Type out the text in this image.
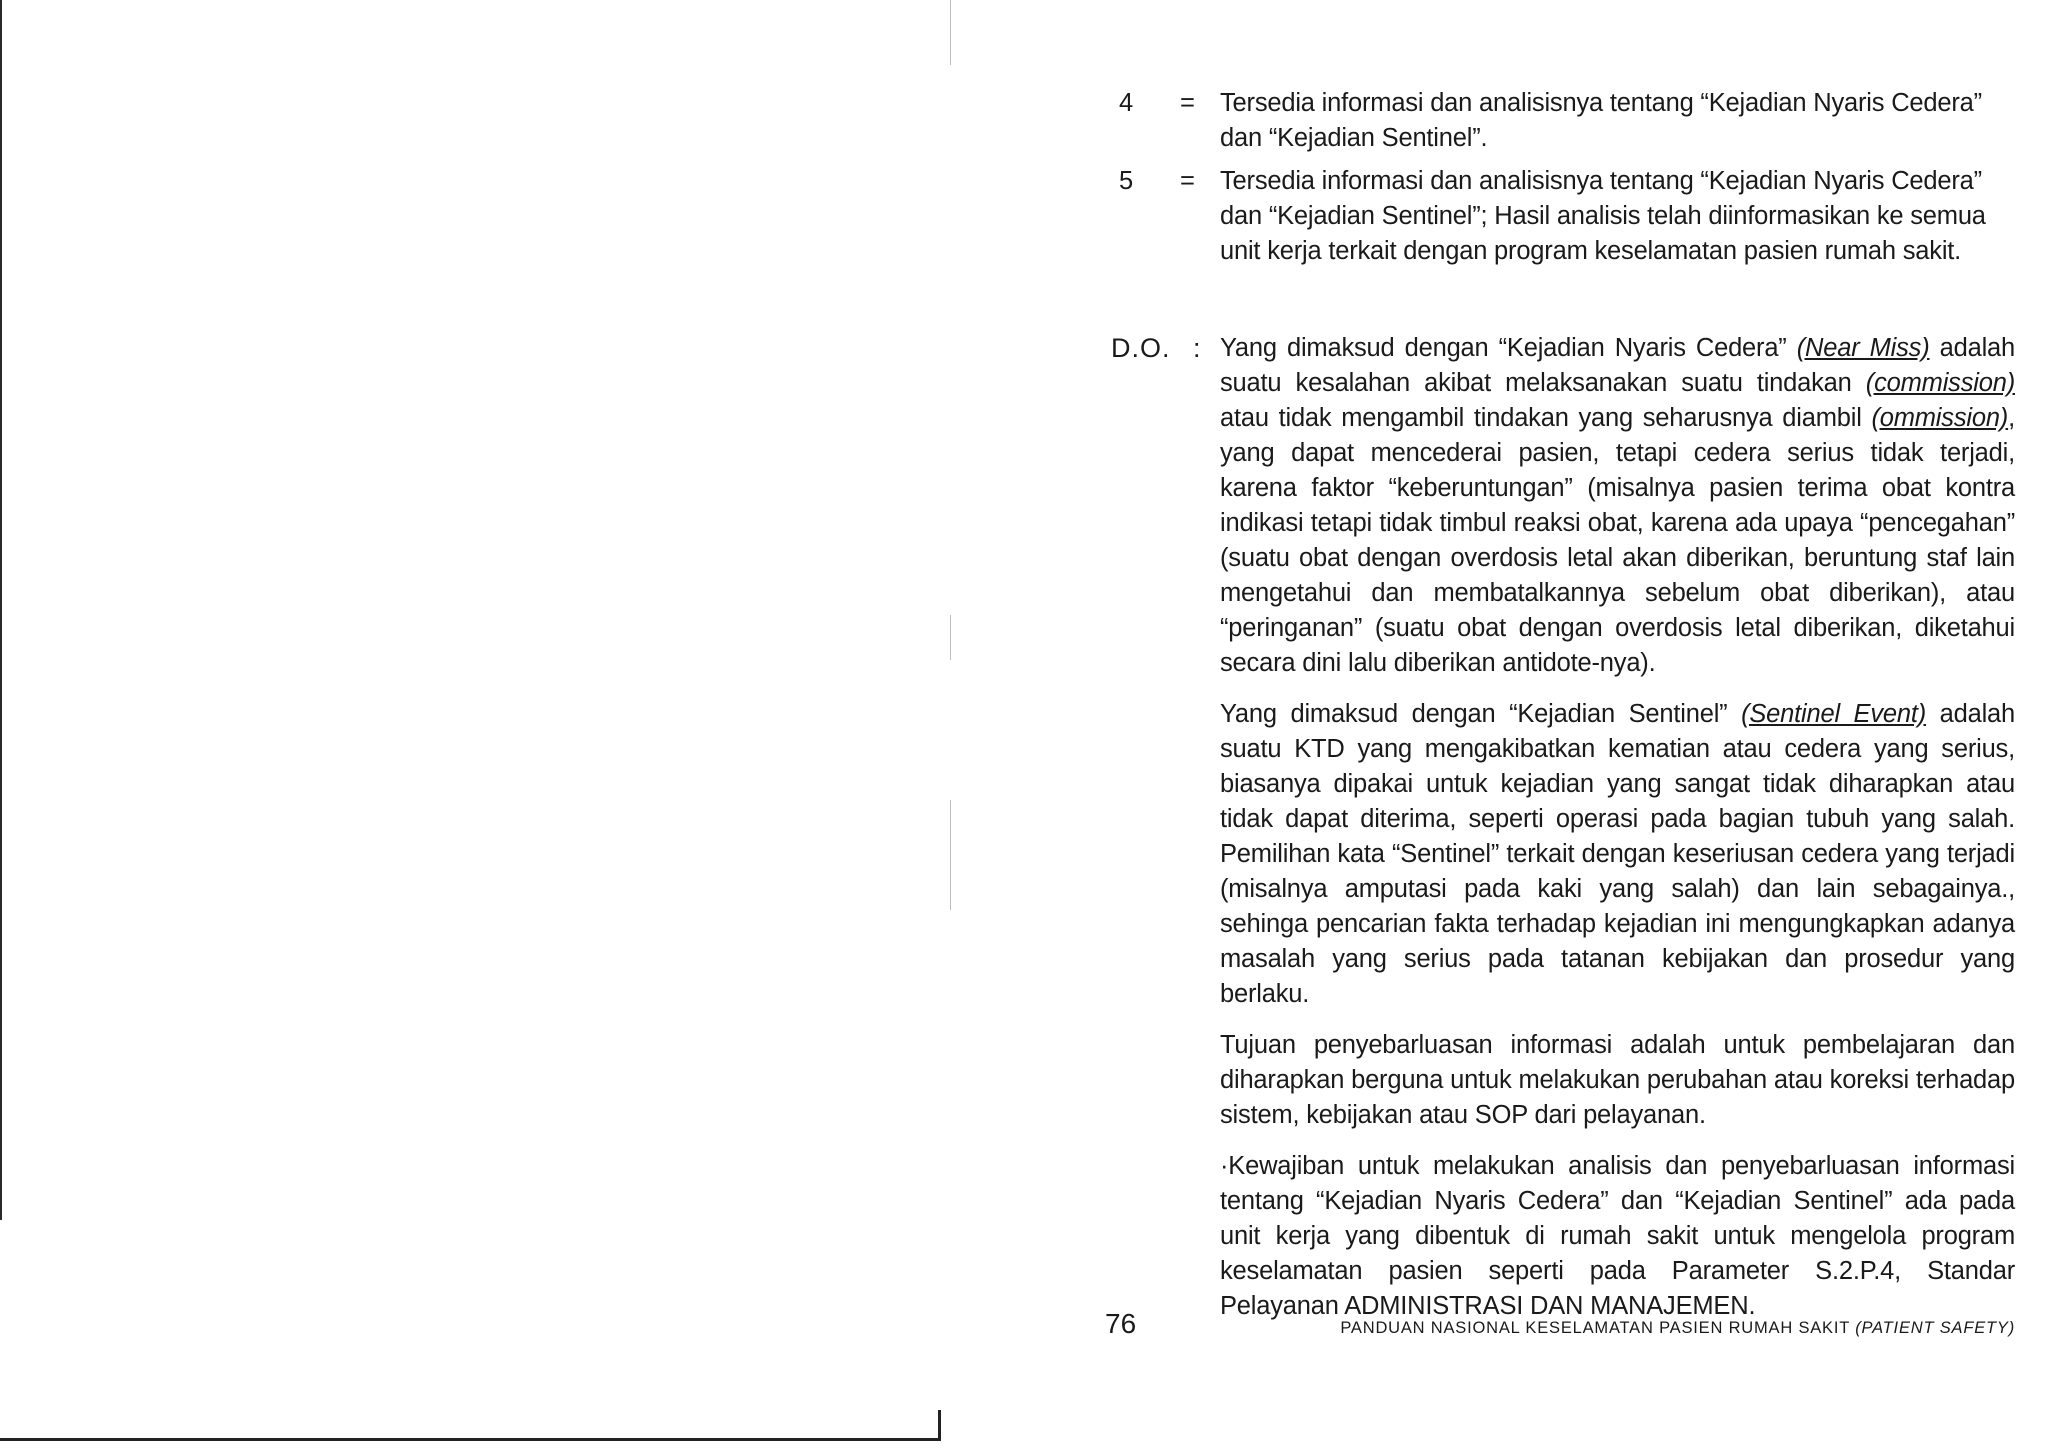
4	= Tersedia informasi dan analisisnya tentang “Kejadian Nyaris Cedera” dan “Kejadian Sentinel”.
5	= Tersedia informasi dan analisisnya tentang “Kejadian Nyaris Cedera” dan “Kejadian Sentinel”; Hasil analisis telah diinformasikan ke semua unit kerja terkait dengan program keselamatan pasien rumah sakit.
D.O. : Yang dimaksud dengan “Kejadian Nyaris Cedera” (Near Miss) adalah suatu kesalahan akibat melaksanakan suatu tindakan (commission) atau tidak mengambil tindakan yang seharusnya diambil (ommission), yang dapat mencederai pasien, tetapi cedera serius tidak terjadi, karena faktor “keberuntungan” (misalnya pasien terima obat kontra indikasi tetapi tidak timbul reaksi obat, karena ada upaya “pencegahan” (suatu obat dengan overdosis letal akan diberikan, beruntung staf lain mengetahui dan membatalkannya sebelum obat diberikan), atau “peringanan” (suatu obat dengan overdosis letal diberikan, diketahui secara dini lalu diberikan antidote-nya).

Yang dimaksud dengan “Kejadian Sentinel” (Sentinel Event) adalah suatu KTD yang mengakibatkan kematian atau cedera yang serius, biasanya dipakai untuk kejadian yang sangat tidak diharapkan atau tidak dapat diterima, seperti operasi pada bagian tubuh yang salah. Pemilihan kata “Sentinel” terkait dengan keseriusan cedera yang terjadi (misalnya amputasi pada kaki yang salah) dan lain sebagainya., sehinga pencarian fakta terhadap kejadian ini mengungkapkan adanya masalah yang serius pada tatanan kebijakan dan prosedur yang berlaku.

Tujuan penyebarluasan informasi adalah untuk pembelajaran dan diharapkan berguna untuk melakukan perubahan atau koreksi terhadap sistem, kebijakan atau SOP dari pelayanan.

·Kewajiban untuk melakukan analisis dan penyebarluasan informasi tentang “Kejadian Nyaris Cedera” dan “Kejadian Sentinel” ada pada unit kerja yang dibentuk di rumah sakit untuk mengelola program keselamatan pasien seperti pada Parameter S.2.P.4, Standar Pelayanan ADMINISTRASI DAN MANAJEMEN.

76	PANDUAN NASIONAL KESELAMATAN PASIEN RUMAH SAKIT (PATIENT SAFETY)
